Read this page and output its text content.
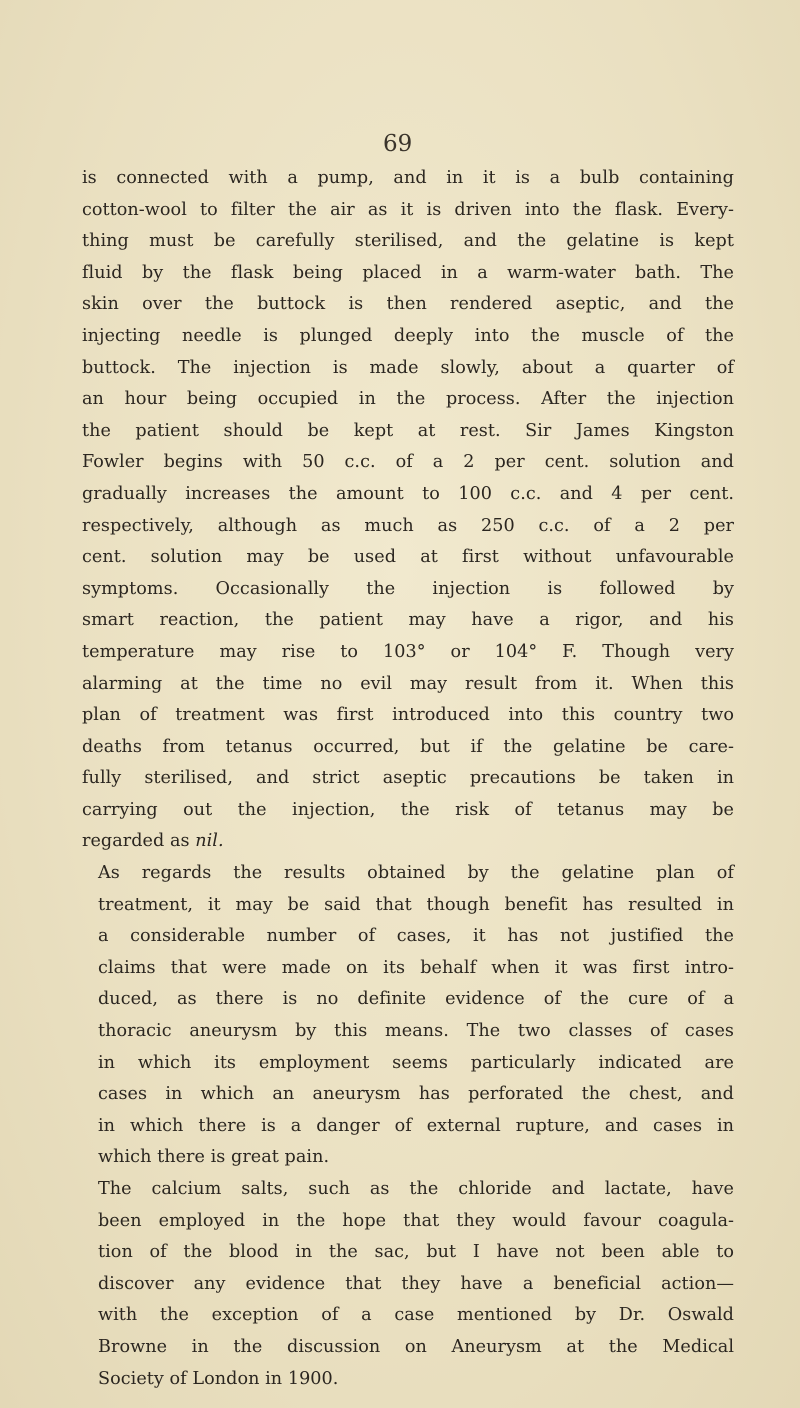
69
is connected with a pump, and in it is a bulb containing
cotton-wool to filter the air as it is driven into the flask. Every-
thing must be carefully sterilised, and the gelatine is kept
fluid by the flask being placed in a warm-water bath. The
skin over the buttock is then rendered aseptic, and the
injecting needle is plunged deeply into the muscle of the
buttock. The injection is made slowly, about a quarter of
an hour being occupied in the process. After the injection
the patient should be kept at rest. Sir James Kingston
Fowler begins with 50 c.c. of a 2 per cent. solution and
gradually increases the amount to 100 c.c. and 4 per cent.
respectively, although as much as 250 c.c. of a 2 per
cent. solution may be used at first without unfavourable
symptoms. Occasionally the injection is followed by
smart reaction, the patient may have a rigor, and his
temperature may rise to 103° or 104° F. Though very
alarming at the time no evil may result from it. When this
plan of treatment was first introduced into this country two
deaths from tetanus occurred, but if the gelatine be care-
fully sterilised, and strict aseptic precautions be taken in
carrying out the injection, the risk of tetanus may be
regarded as nil.
As regards the results obtained by the gelatine plan of
treatment, it may be said that though benefit has resulted in
a considerable number of cases, it has not justified the
claims that were made on its behalf when it was first intro-
duced, as there is no definite evidence of the cure of a
thoracic aneurysm by this means. The two classes of cases
in which its employment seems particularly indicated are
cases in which an aneurysm has perforated the chest, and
in which there is a danger of external rupture, and cases in
which there is great pain.
The calcium salts, such as the chloride and lactate, have
been employed in the hope that they would favour coagula-
tion of the blood in the sac, but I have not been able to
discover any evidence that they have a beneficial action—
with the exception of a case mentioned by Dr. Oswald
Browne in the discussion on Aneurysm at the Medical
Society of London in 1900.
